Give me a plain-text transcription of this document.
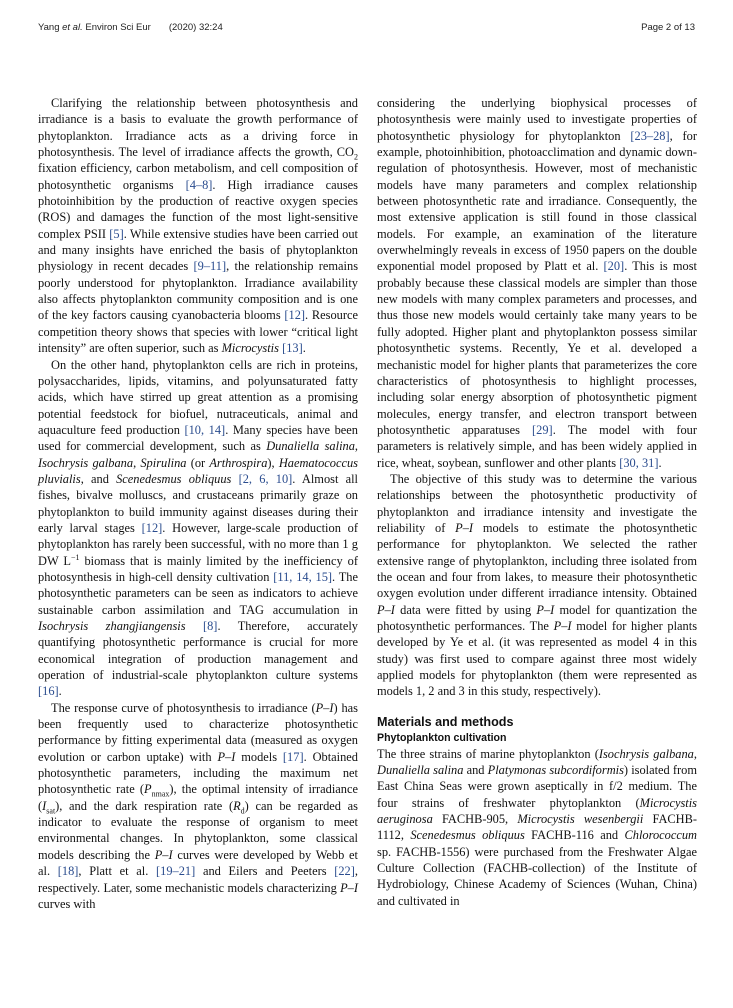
Yang et al. Environ Sci Eur (2020) 32:24	Page 2 of 13

Clarifying the relationship between photosynthesis and irradiance is a basis to evaluate the growth performance of phytoplankton. Irradiance acts as a driving force in photosynthesis. The level of irradiance affects the growth, $CO_2$ fixation efficiency, carbon metabolism, and cell composition of photosynthetic organisms [4–8]. High irradiance causes photoinhibition by the production of reactive oxygen species (ROS) and damages the function of the most light-sensitive complex PSII [5]. While extensive studies have been carried out and many insights have enriched the basis of phytoplankton physiology in recent decades [9–11], the relationship remains poorly understood for phytoplankton. Irradiance availability also affects phytoplankton community composition and is one of the key factors causing cyanobacteria blooms [12]. Resource competition theory shows that species with lower “critical light intensity” are often superior, such as Microcystis [13].

On the other hand, phytoplankton cells are rich in proteins, polysaccharides, lipids, vitamins, and polyunsaturated fatty acids, which have stirred up great attention as a promising potential feedstock for biofuel, nutraceuticals, animal and aquaculture feed production [10, 14]. Many species have been used for commercial development, such as Dunaliella salina, Isochrysis galbana, Spirulina (or Arthrospira), Haematococcus pluvialis, and Scenedesmus obliquus [2, 6, 10]. Almost all fishes, bivalve molluscs, and crustaceans primarily graze on phytoplankton to build immunity against diseases during their early larval stages [12]. However, large-scale production of phytoplankton has rarely been successful, with no more than 1 g DW $L^{-1}$ biomass that is mainly limited by the inefficiency of photosynthesis in high-cell density cultivation [11, 14, 15]. The photosynthetic parameters can be seen as indicators to achieve sustainable carbon assimilation and TAG accumulation in Isochrysis zhangjiangensis [8]. Therefore, accurately quantifying photosynthetic performance is crucial for more economical integration of production management and operation of industrial-scale phytoplankton culture systems [16].

The response curve of photosynthesis to irradiance (P–I) has been frequently used to characterize photosynthetic performance by fitting experimental data (measured as oxygen evolution or carbon uptake) with P–I models [17]. Obtained photosynthetic parameters, including the maximum net photosynthetic rate $(P_{nmax})$, the optimal intensity of irradiance $(I_{sat})$, and the dark respiration rate $(R_d)$ can be regarded as indicator to evaluate the response of organism to meet environmental changes. In phytoplankton, some classical models describing the P–I curves were developed by Webb et al. [18], Platt et al. [19–21] and Eilers and Peeters [22], respectively. Later, some mechanistic models characterizing P–I curves with

considering the underlying biophysical processes of photosynthesis were mainly used to investigate properties of photosynthetic physiology for phytoplankton [23–28], for example, photoinhibition, photoacclimation and dynamic down-regulation of photosynthesis. However, most of mechanistic models have many parameters and complex relationship between photosynthetic rate and irradiance. Consequently, the most extensive application is still found in those classical models. For example, an examination of the literature overwhelmingly reveals in excess of 1950 papers on the double exponential model proposed by Platt et al. [20]. This is most probably because these classical models are simpler than those new models with many complex parameters and processes, and thus those new models would certainly take many years to be fully adopted. Higher plant and phytoplankton possess similar photosynthetic systems. Recently, Ye et al. developed a mechanistic model for higher plants that parameterizes the core characteristics of photosynthesis to highlight processes, including solar energy absorption of photosynthetic pigment molecules, energy transfer, and electron transport between photosynthetic apparatuses [29]. The model with four parameters is relatively simple, and has been widely applied in rice, wheat, soybean, sunflower and other plants [30, 31].

The objective of this study was to determine the various relationships between the photosynthetic productivity of phytoplankton and irradiance intensity and investigate the reliability of P–I models to estimate the photosynthetic performance for phytoplankton. We selected the rather extensive range of phytoplankton, including three isolated from the ocean and four from lakes, to measure their photosynthetic oxygen evolution under different irradiance intensity. Obtained P–I data were fitted by using P–I model for quantization the photosynthetic performances. The P–I model for higher plants developed by Ye et al. (it was represented as model 4 in this study) was first used to compare against three most widely applied models for phytoplankton (them were represented as models 1, 2 and 3 in this study, respectively).

Materials and methods
Phytoplankton cultivation

The three strains of marine phytoplankton (Isochrysis galbana, Dunaliella salina and Platymonas subcordiformis) isolated from East China Seas were grown aseptically in f/2 medium. The four strains of freshwater phytoplankton (Microcystis aeruginosa FACHB-905, Microcystis wesenbergii FACHB-1112, Scenedesmus obliquus FACHB-116 and Chlorococcum sp. FACHB-1556) were purchased from the Freshwater Algae Culture Collection (FACHB-collection) of the Institute of Hydrobiology, Chinese Academy of Sciences (Wuhan, China) and cultivated in
